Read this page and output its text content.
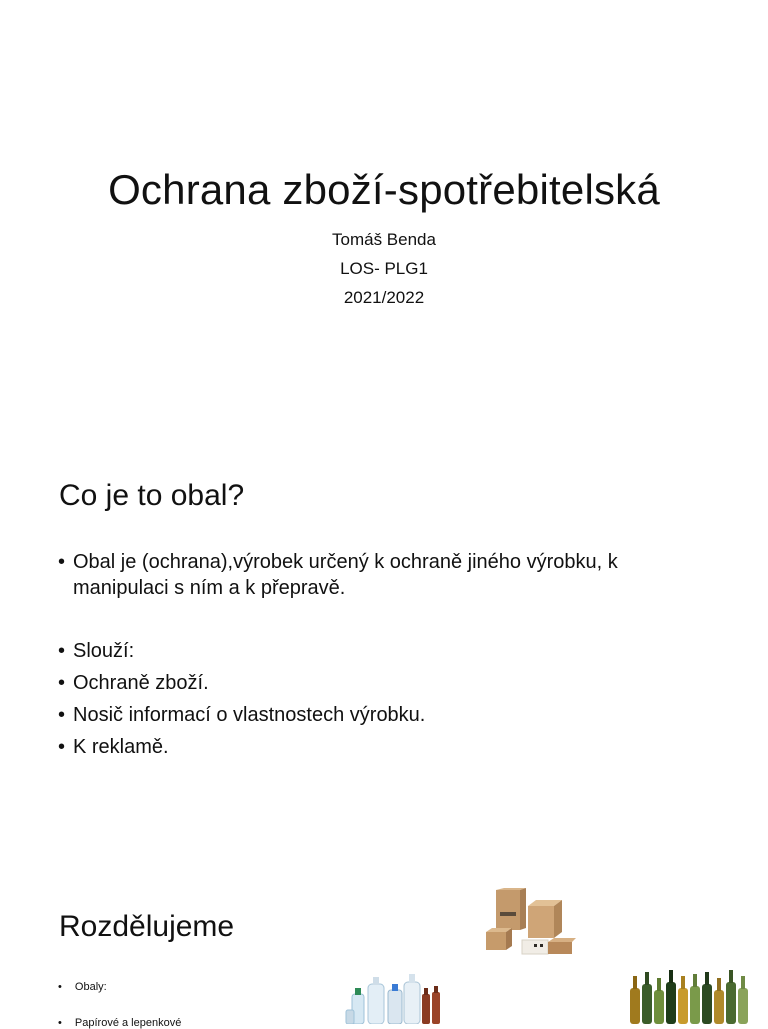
Ochrana zboží-spotřebitelská
Tomáš Benda
LOS- PLG1
2021/2022
Co je to obal?
• Obal je (ochrana),výrobek určený k ochraně jiného výrobku, k manipulaci s ním a k přepravě.
• Slouží:
• Ochraně zboží.
• Nosič informací o vlastnostech výrobku.
• K reklamě.
Rozdělujeme
• Obaly:
• Papírové a lepenkové
